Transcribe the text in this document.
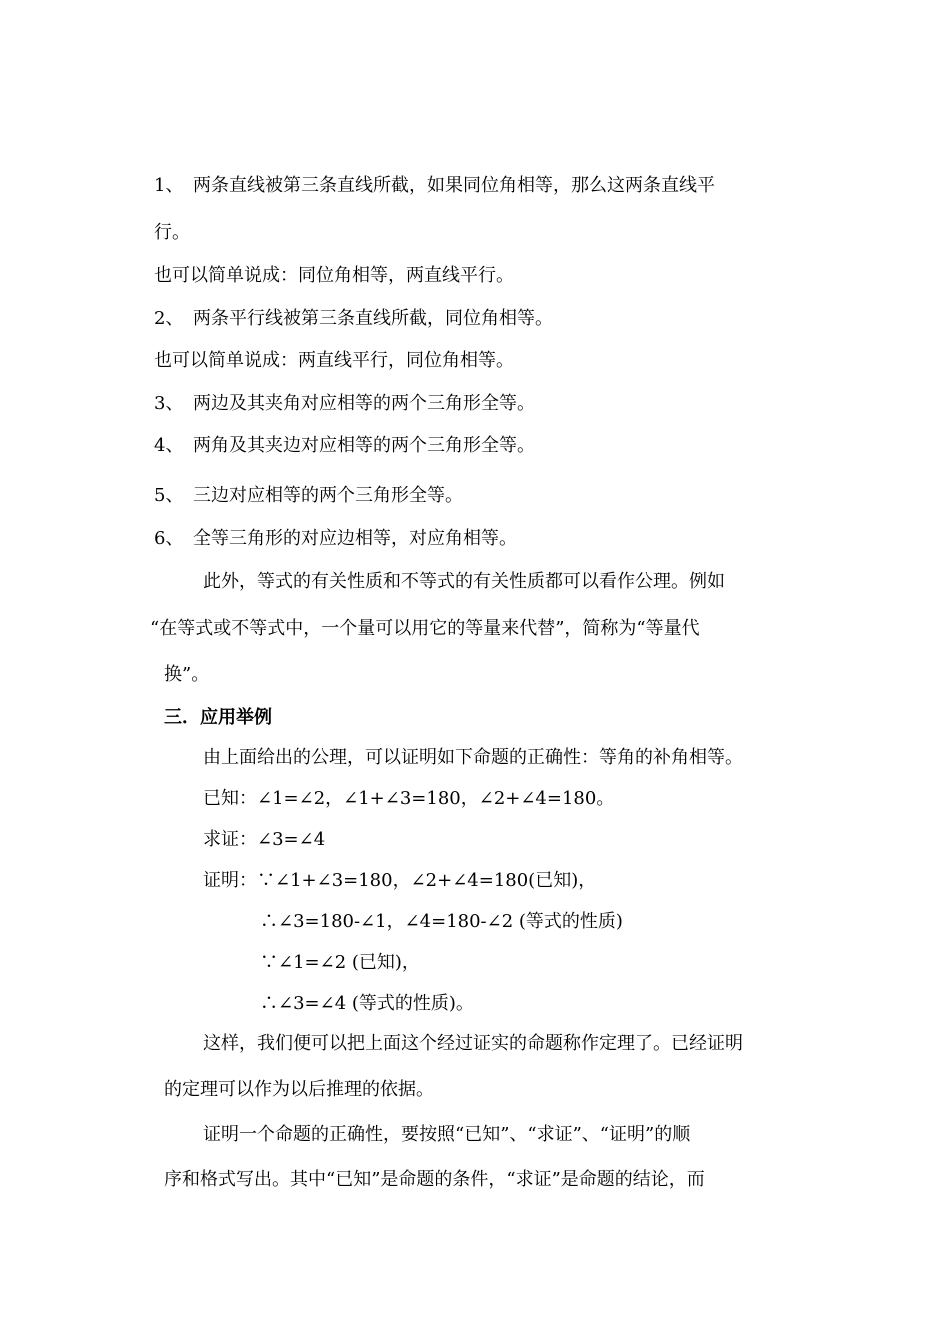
1、 两条直线被第三条直线所截，如果同位角相等，那么这两条直线平
行。
也可以简单说成：同位角相等，两直线平行。
2、 两条平行线被第三条直线所截，同位角相等。
也可以简单说成：两直线平行，同位角相等。
3、 两边及其夹角对应相等的两个三角形全等。
4、 两角及其夹边对应相等的两个三角形全等。
5、 三边对应相等的两个三角形全等。
6、 全等三角形的对应边相等，对应角相等。
此外，等式的有关性质和不等式的有关性质都可以看作公理。例如
“在等式或不等式中，一个量可以用它的等量来代替”，简称为“等量代
换”。
三．应用举例
由上面给出的公理，可以证明如下命题的正确性：等角的补角相等。
已知：∠1=∠2，∠1+∠3=180，∠2+∠4=180。
求证：∠3=∠4
证明：∵∠1+∠3=180，∠2+∠4=180(已知)，
∴∠3=180-∠1，∠4=180-∠2 (等式的性质)
∵∠1=∠2 (已知)，
∴∠3=∠4 (等式的性质)。
这样，我们便可以把上面这个经过证实的命题称作定理了。已经证明
的定理可以作为以后推理的依据。
证明一个命题的正确性，要按照“已知”、“求证”、“证明”的顺
序和格式写出。其中“已知”是命题的条件，“求证”是命题的结论，而
